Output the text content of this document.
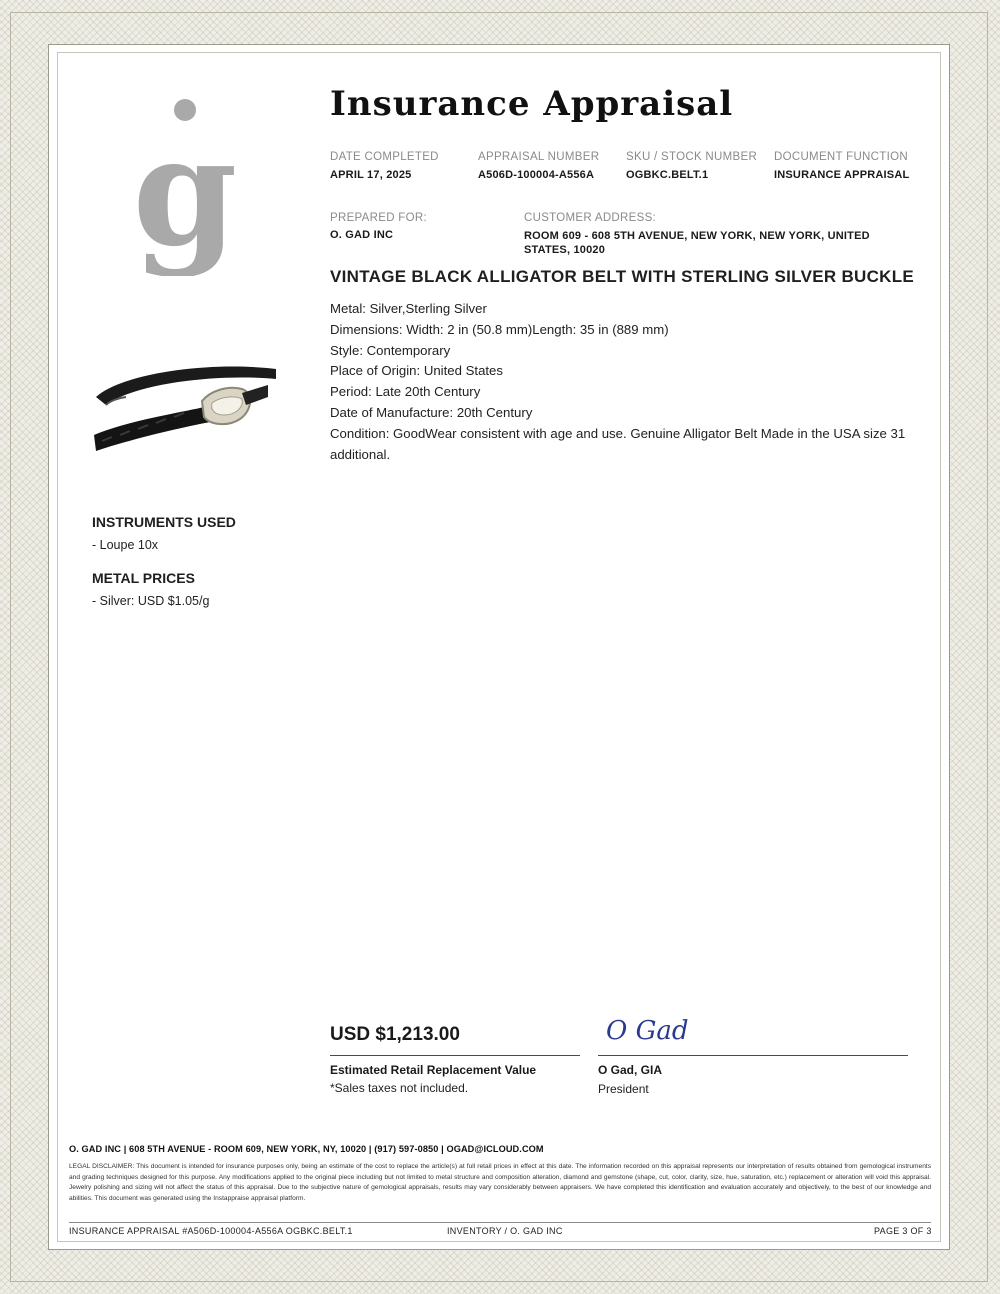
g	Insurance Appraisal
DATE COMPLETED
APRIL 17, 2025
APPRAISAL NUMBER
A506D-100004-A556A
SKU / STOCK NUMBER
OGBKC.BELT.1
DOCUMENT FUNCTION
INSURANCE APPRAISAL
PREPARED FOR:
O. GAD INC
CUSTOMER ADDRESS:
ROOM 609 - 608 5TH AVENUE, NEW YORK, NEW YORK, UNITED STATES, 10020
VINTAGE BLACK ALLIGATOR BELT WITH STERLING SILVER BUCKLE
Metal: Silver,Sterling Silver
Dimensions: Width: 2 in (50.8 mm)Length: 35 in (889 mm)
Style: Contemporary
Place of Origin: United States
Period: Late 20th Century
Date of Manufacture: 20th Century
Condition: GoodWear consistent with age and use. Genuine Alligator Belt Made in the USA size 31 additional.
INSTRUMENTS USED
- Loupe 10x
METAL PRICES
- Silver: USD $1.05/g
USD $1,213.00
Estimated Retail Replacement Value
*Sales taxes not included.
O Gad
O Gad, GIA
President
O. GAD INC | 608 5TH AVENUE - ROOM 609, NEW YORK, NY, 10020 | (917) 597-0850 | OGAD@ICLOUD.COM
LEGAL DISCLAIMER: This document is intended for insurance purposes only, being an estimate of the cost to replace the article(s) at full retail prices in effect at this date. The information recorded on this appraisal represents our interpretation of results obtained from gemological instruments and grading techniques designed for this purpose. Any modifications applied to the original piece including but not limited to metal structure and composition alteration, diamond and gemstone (shape, cut, color, clarity, size, hue, saturation, etc.) replacement or alteration will void this appraisal. Jewelry polishing and sizing will not affect the status of this appraisal. Due to the subjective nature of gemological appraisals, results may vary considerably between appraisers. We have completed this identification and evaluation accurately and objectively, to the best of our knowledge and abilities. This document was generated using the Instappraise appraisal platform.
INSURANCE APPRAISAL #A506D-100004-A556A OGBKC.BELT.1	INVENTORY / O. GAD INC	PAGE 3 OF 3
